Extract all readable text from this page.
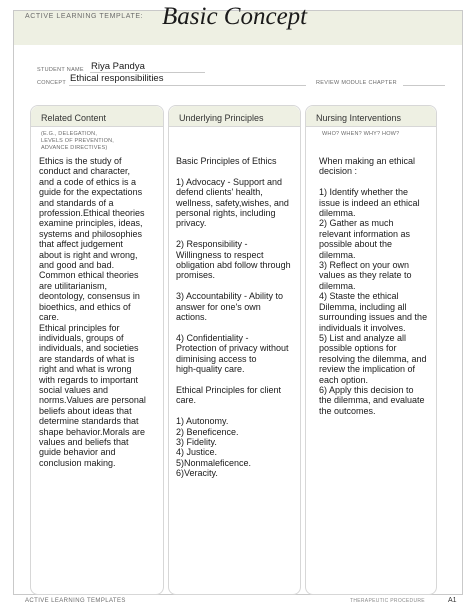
ACTIVE LEARNING TEMPLATE: Basic Concept
STUDENT NAME Riya Pandya
CONCEPT Ethical responsibilities	REVIEW MODULE CHAPTER
Related Content
(E.G., DELEGATION,
LEVELS OF PREVENTION,
ADVANCE DIRECTIVES)
Ethics is the study of
conduct and character,
and a code of ethics is a
guide for the expectations
and standards of a
profession.Ethical theories
examine principles, ideas,
systems and philosophies
that affect judgement
about is right and wrong,
and good and bad.
Common ethical theories
are utilitarianism,
deontology, consensus in
bioethics, and ethics of
care.
Ethical principles for
individuals, groups of
individuals, and societies
are standards of what is
right and what is wrong
with regards to important
social values and
norms.Values are personal
beliefs about ideas that
determine standards that
shape behavior.Morals are
values and beliefs that
guide behavior and
conclusion making.
Underlying Principles
Basic Principles of Ethics

1) Advocacy - Support and
defend clients' health,
wellness, safety,wishes, and
personal rights, including
privacy.

2) Responsibility -
Willingness to respect
obligation abd follow through
promises.

3) Accountability - Ability to
answer for one's own
actions.

4) Confidentiality -
Protection of privacy without
diminising access to
high-quality care.

Ethical Principles for client
care.

1) Autonomy.
2) Beneficence.
3) Fidelity.
4) Justice.
5)Nonmaleficence.
6)Veracity.
Nursing Interventions
WHO? WHEN? WHY? HOW?
When making an ethical
decision :

1) Identify whether the
issue is indeed an ethical
dilemma.
2) Gather as much
relevant information as
possible about the
dilemma.
3) Reflect on your own
values as they relate to
dilemma.
4) Staste the ethical
Dilemma, including all
surrounding issues and the
individuals it involves.
5) List and analyze all
possible options for
resolving the dilemma, and
review the implication of
each option.
6) Apply this decision to
the dilemma, and evaluate
the outcomes.
ACTIVE LEARNING TEMPLATES	THERAPEUTIC PROCEDURE	A1
